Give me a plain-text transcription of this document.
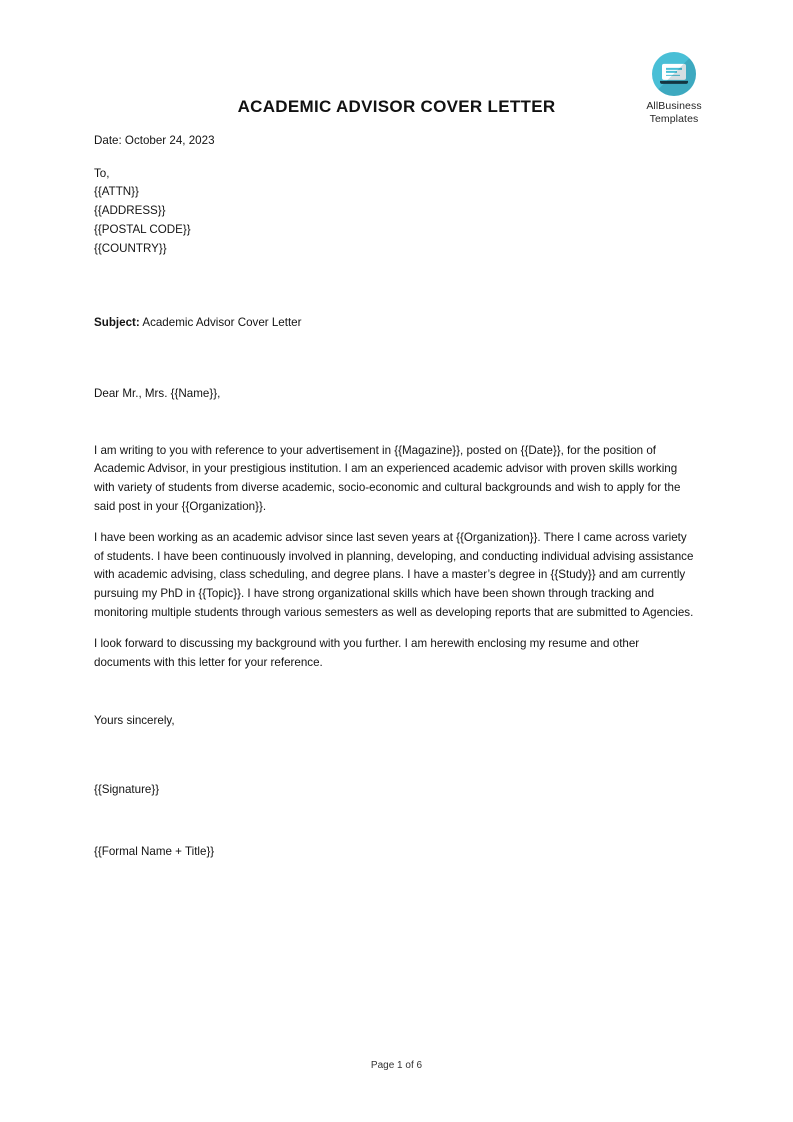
AllBusiness
Templates
ACADEMIC ADVISOR COVER LETTER
Date: October 24, 2023
To,
{{ATTN}}
{{ADDRESS}}
{{POSTAL CODE}}
{{COUNTRY}}
Subject: Academic Advisor Cover Letter
Dear Mr., Mrs. {{Name}},

I am writing to you with reference to your advertisement in {{Magazine}}, posted on {{Date}}, for the position of Academic Advisor, in your prestigious institution. I am an experienced academic advisor with proven skills working with variety of students from diverse academic, socio-economic and cultural backgrounds and wish to apply for the said post in your {{Organization}}.

I have been working as an academic advisor since last seven years at {{Organization}}. There I came across variety of students. I have been continuously involved in planning, developing, and conducting individual advising assistance with academic advising, class scheduling, and degree plans. I have a master’s degree in {{Study}} and am currently pursuing my PhD in {{Topic}}. I have strong organizational skills which have been shown through tracking and monitoring multiple students through various semesters as well as developing reports that are submitted to Agencies.

I look forward to discussing my background with you further. I am herewith enclosing my resume and other documents with this letter for your reference.

Yours sincerely,
{{Signature}}
{{Formal Name + Title}}
Page 1 of 6
